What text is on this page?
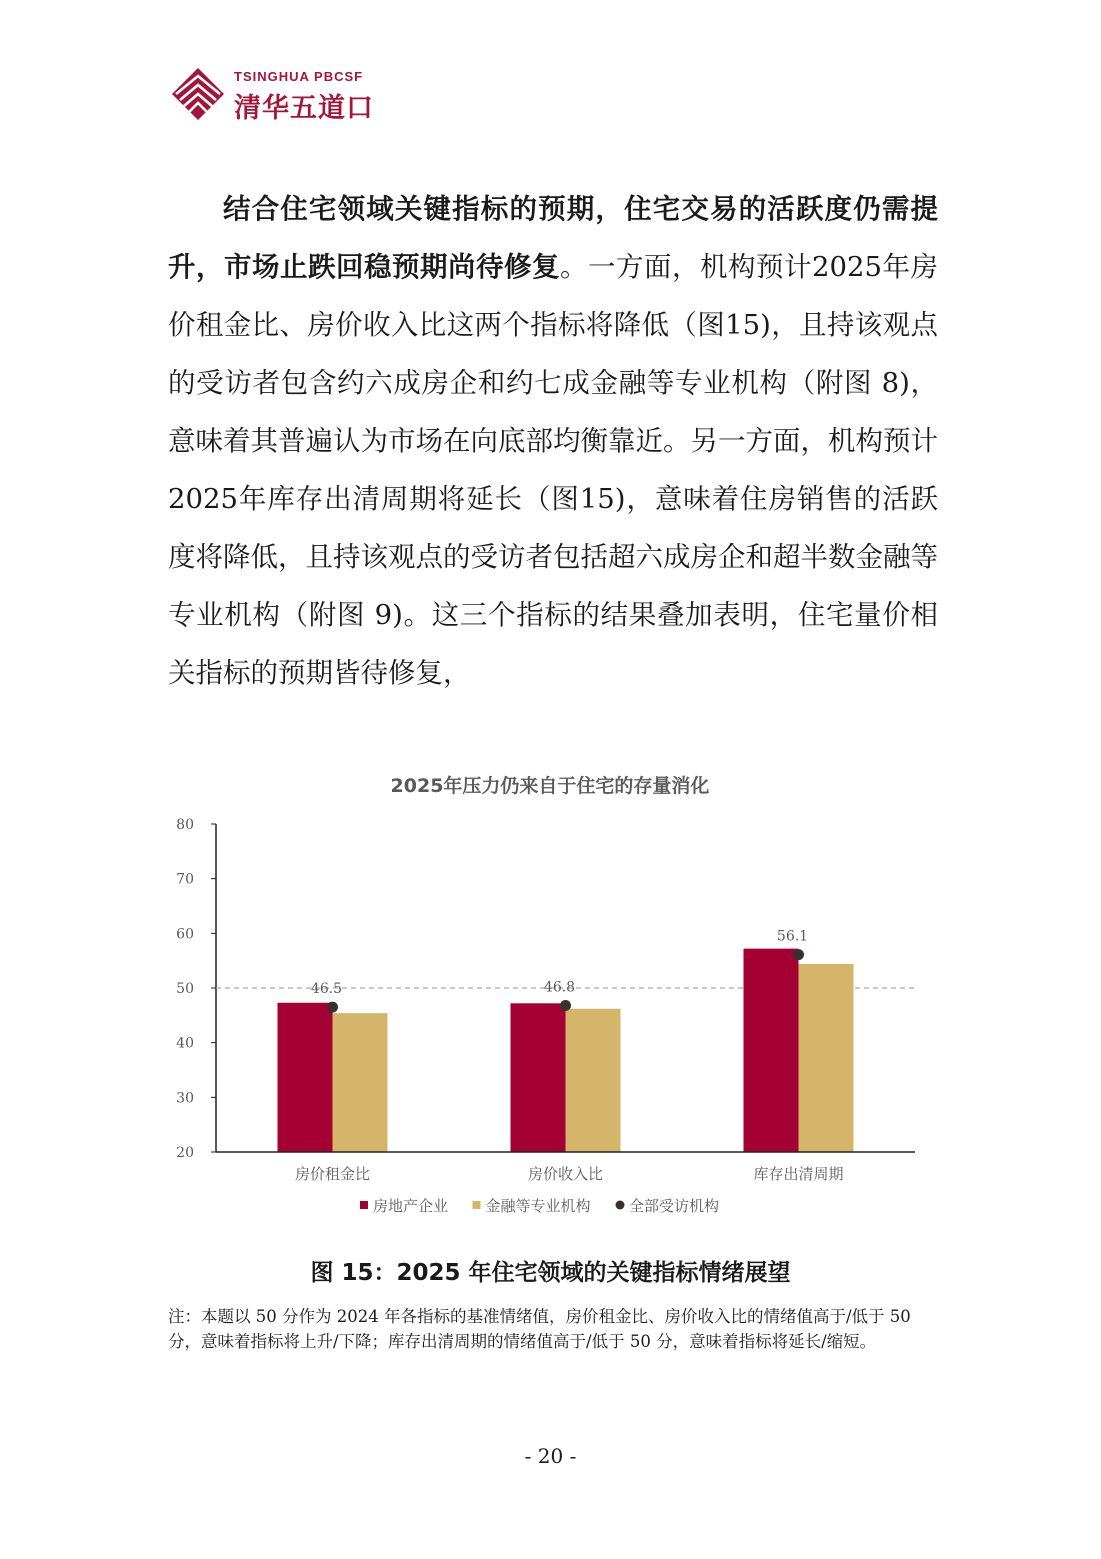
TSINGHUA PBCSF
清华五道口

结合住宅领域关键指标的预期，住宅交易的活跃度仍需提升，市场止跌回稳预期尚待修复。一方面，机构预计2025年房价租金比、房价收入比这两个指标将降低（图15)，且持该观点的受访者包含约六成房企和约七成金融等专业机构（附图 8)，意味着其普遍认为市场在向底部均衡靠近。另一方面，机构预计2025年库存出清周期将延长（图15)，意味着住房销售的活跃度将降低，且持该观点的受访者包括超六成房企和超半数金融等专业机构（附图 9)。这三个指标的结果叠加表明，住宅量价相关指标的预期皆待修复，

2025年压力仍来自于住宅的存量消化
20
30
40
50
60
70
80
房价租金比	房价收入比	库存出清周期
46.5	46.8
56.1
房地产企业 金融等专业机构	全部受访机构
图 15：2025 年住宅领域的关键指标情绪展望
注：本题以 50 分作为 2024 年各指标的基准情绪值，房价租金比、房价收入比的情绪值高于/低于 50 分，意味着指标将上升/下降；库存出清周期的情绪值高于/低于 50 分，意味着指标将延长/缩短。
- 20 -
